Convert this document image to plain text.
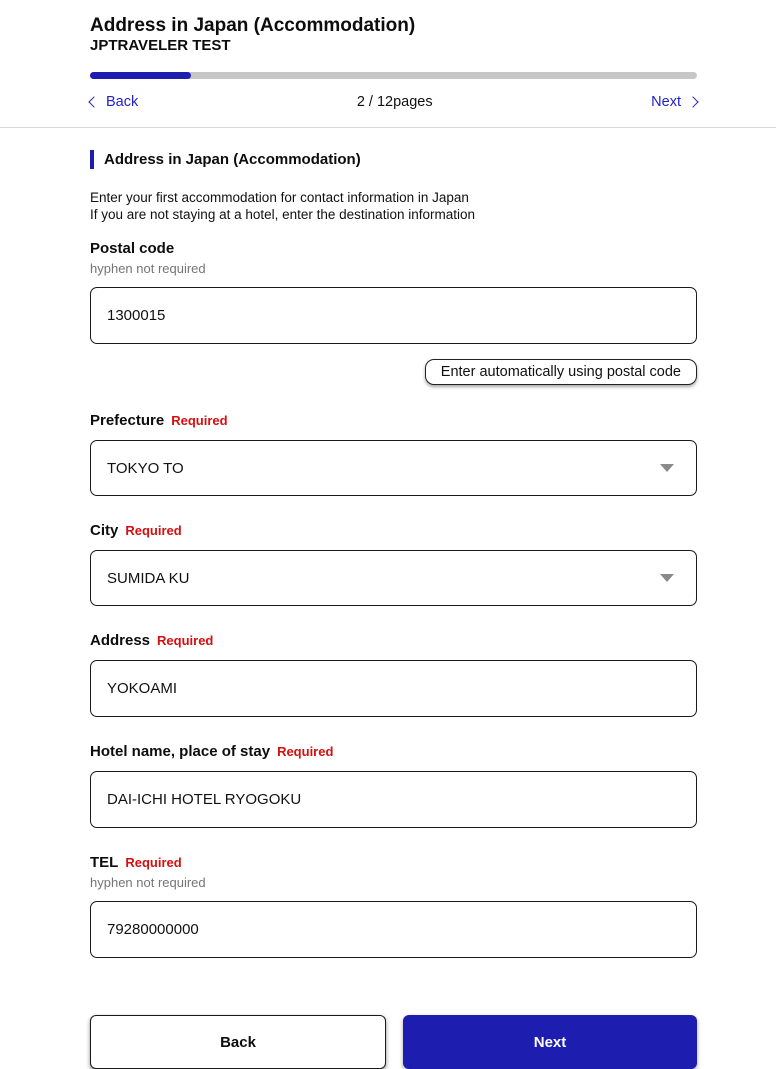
Address in Japan (Accommodation)
JPTRAVELER TEST
Back	2 / 12pages	Next
Address in Japan (Accommodation)
Enter your first accommodation for contact information in Japan
If you are not staying at a hotel, enter the destination information
Postal code
hyphen not required
1300015
Enter automatically using postal code
Prefecture Required
TOKYO TO
City Required
SUMIDA KU
Address Required
YOKOAMI
Hotel name, place of stay Required
DAI-ICHI HOTEL RYOGOKU
TEL Required
hyphen not required
79280000000
Back	Next
